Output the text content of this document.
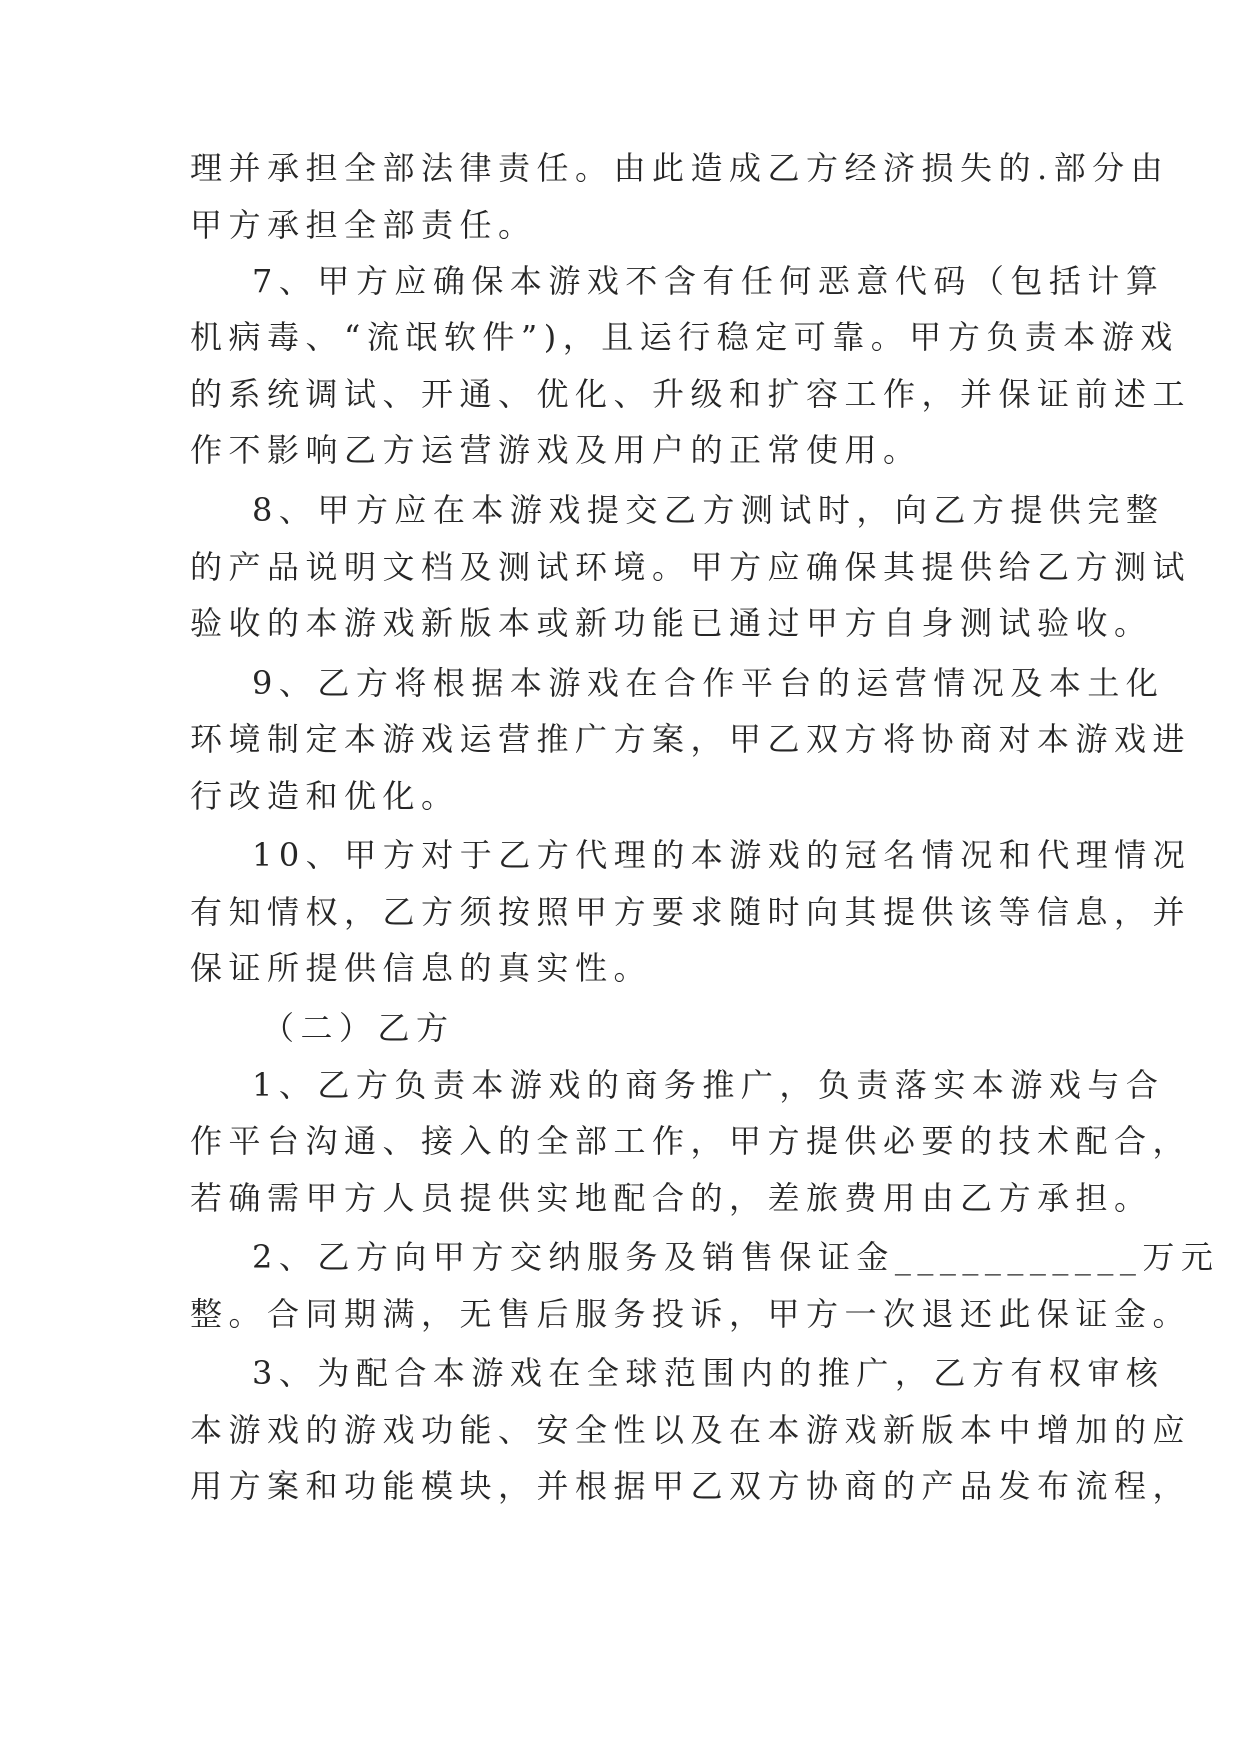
理并承担全部法律责任。由此造成乙方经济损失的.部分由
甲方承担全部责任。
7、甲方应确保本游戏不含有任何恶意代码（包括计算
机病毒、“流氓软件”)，且运行稳定可靠。甲方负责本游戏
的系统调试、开通、优化、升级和扩容工作，并保证前述工
作不影响乙方运营游戏及用户的正常使用。
8、甲方应在本游戏提交乙方测试时，向乙方提供完整
的产品说明文档及测试环境。甲方应确保其提供给乙方测试
验收的本游戏新版本或新功能已通过甲方自身测试验收。
9、乙方将根据本游戏在合作平台的运营情况及本土化
环境制定本游戏运营推广方案，甲乙双方将协商对本游戏进
行改造和优化。
10、甲方对于乙方代理的本游戏的冠名情况和代理情况
有知情权，乙方须按照甲方要求随时向其提供该等信息，并
保证所提供信息的真实性。
（二）乙方
1、乙方负责本游戏的商务推广，负责落实本游戏与合
作平台沟通、接入的全部工作，甲方提供必要的技术配合，
若确需甲方人员提供实地配合的，差旅费用由乙方承担。
2、乙方向甲方交纳服务及销售保证金___________万元
整。合同期满，无售后服务投诉，甲方一次退还此保证金。
3、为配合本游戏在全球范围内的推广，乙方有权审核
本游戏的游戏功能、安全性以及在本游戏新版本中增加的应
用方案和功能模块，并根据甲乙双方协商的产品发布流程，
